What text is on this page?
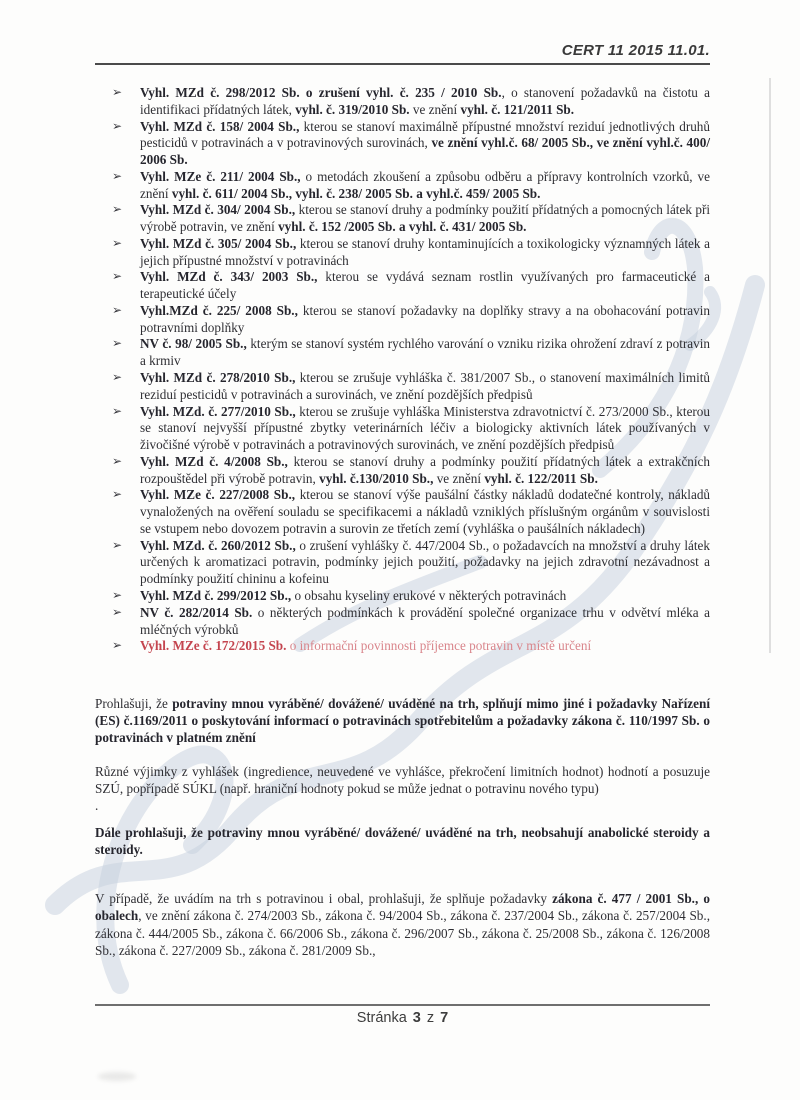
CERT 11 2015 11.01.
➢ Vyhl. MZd č. 298/2012 Sb. o zrušení vyhl. č. 235 / 2010 Sb., o stanovení požadavků na čistotu a identifikaci přídatných látek, vyhl. č. 319/2010 Sb. ve znění vyhl. č. 121/2011 Sb.
➢ Vyhl. MZd č. 158/ 2004 Sb., kterou se stanoví maximálně přípustné množství reziduí jednotlivých druhů pesticidů v potravinách a v potravinových surovinách, ve znění vyhl.č. 68/ 2005 Sb., ve znění vyhl.č. 400/ 2006 Sb.
➢ Vyhl. MZe č. 211/ 2004 Sb., o metodách zkoušení a způsobu odběru a přípravy kontrolních vzorků, ve znění vyhl. č. 611/ 2004 Sb., vyhl. č. 238/ 2005 Sb. a vyhl.č. 459/ 2005 Sb.
➢ Vyhl. MZd č. 304/ 2004 Sb., kterou se stanoví druhy a podmínky použití přídatných a pomocných látek při výrobě potravin, ve znění vyhl. č. 152 /2005 Sb. a vyhl. č. 431/ 2005 Sb.
➢ Vyhl. MZd č. 305/ 2004 Sb., kterou se stanoví druhy kontaminujících a toxikologicky významných látek a jejich přípustné množství v potravinách
➢ Vyhl. MZd č. 343/ 2003 Sb., kterou se vydává seznam rostlin využívaných pro farmaceutické a terapeutické účely
➢ Vyhl.MZd č. 225/ 2008 Sb., kterou se stanoví požadavky na doplňky stravy a na obohacování potravin potravními doplňky
➢ NV č. 98/ 2005 Sb., kterým se stanoví systém rychlého varování o vzniku rizika ohrožení zdraví z potravin a krmiv
➢ Vyhl. MZd č. 278/2010 Sb., kterou se zrušuje vyhláška č. 381/2007 Sb., o stanovení maximálních limitů reziduí pesticidů v potravinách a surovinách, ve znění pozdějších předpisů
➢ Vyhl. MZd. č. 277/2010 Sb., kterou se zrušuje vyhláška Ministerstva zdravotnictví č. 273/2000 Sb., kterou se stanoví nejvyšší přípustné zbytky veterinárních léčiv a biologicky aktivních látek používaných v živočišné výrobě v potravinách a potravinových surovinách, ve znění pozdějších předpisů
➢ Vyhl. MZd č. 4/2008 Sb., kterou se stanoví druhy a podmínky použití přídatných látek a extrakčních rozpouštědel při výrobě potravin, vyhl. č.130/2010 Sb., ve znění vyhl. č. 122/2011 Sb.
➢ Vyhl. MZe č. 227/2008 Sb., kterou se stanoví výše paušální částky nákladů dodatečné kontroly, nákladů vynaložených na ověření souladu se specifikacemi a nákladů vzniklých příslušným orgánům v souvislosti se vstupem nebo dovozem potravin a surovin ze třetích zemí (vyhláška o paušálních nákladech)
➢ Vyhl. MZd. č. 260/2012 Sb., o zrušení vyhlášky č. 447/2004 Sb., o požadavcích na množství a druhy látek určených k aromatizaci potravin, podmínky jejich použití, požadavky na jejich zdravotní nezávadnost a podmínky použití chininu a kofeinu
➢ Vyhl. MZd č. 299/2012 Sb., o obsahu kyseliny erukové v některých potravinách
➢ NV č. 282/2014 Sb. o některých podmínkách k provádění společné organizace trhu v odvětví mléka a mléčných výrobků
➢ Vyhl. MZe č. 172/2015 Sb. o informační povinnosti příjemce potravin v místě určení
Prohlašuji, že potraviny mnou vyráběné/ dovážené/ uváděné na trh, splňují mimo jiné i požadavky Nařízení (ES) č.1169/2011 o poskytování informací o potravinách spotřebitelům a požadavky zákona č. 110/1997 Sb. o potravinách v platném znění
Různé výjimky z vyhlášek (ingredience, neuvedené ve vyhlášce, překročení limitních hodnot) hodnotí a posuzuje SZÚ, popřípadě SÚKL (např. hraniční hodnoty pokud se může jednat o potravinu nového typu)
.
Dále prohlašuji, že potraviny mnou vyráběné/ dovážené/ uváděné na trh, neobsahují anabolické steroidy a steroidy.
V případě, že uvádím na trh s potravinou i obal, prohlašuji, že splňuje požadavky zákona č. 477 / 2001 Sb., o obalech, ve znění zákona č. 274/2003 Sb., zákona č. 94/2004 Sb., zákona č. 237/2004 Sb., zákona č. 257/2004 Sb., zákona č. 444/2005 Sb., zákona č. 66/2006 Sb., zákona č. 296/2007 Sb., zákona č. 25/2008 Sb., zákona č. 126/2008 Sb., zákona č. 227/2009 Sb., zákona č. 281/2009 Sb.,
Stránka 3 z 7
